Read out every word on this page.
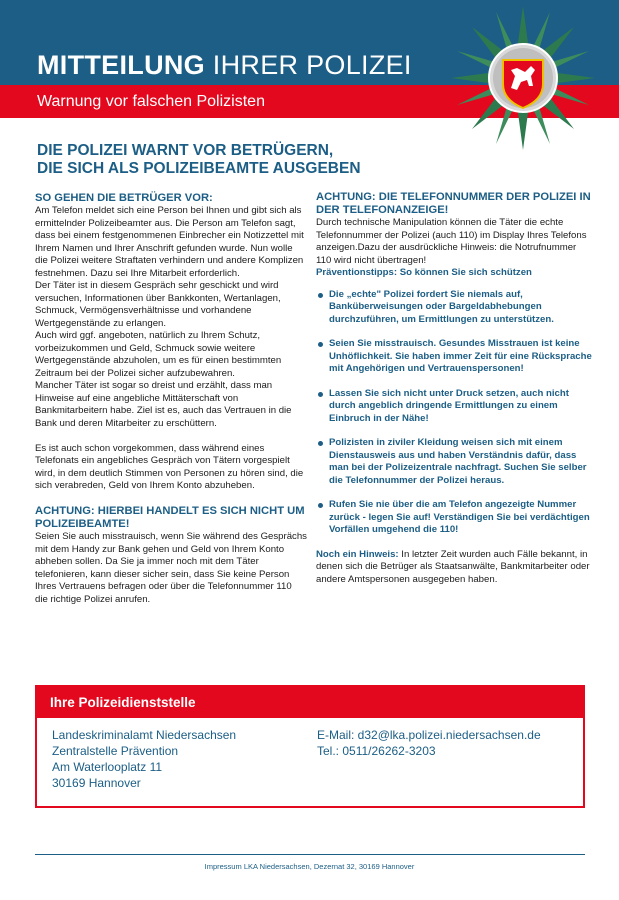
MITTEILUNG IHRER POLIZEI
Warnung vor falschen Polizisten
DIE POLIZEI WARNT VOR BETRÜGERN,
DIE SICH ALS POLIZEIBEAMTE AUSGEBEN
SO GEHEN DIE BETRÜGER VOR:
Am Telefon meldet sich eine Person bei Ihnen und gibt sich als ermittelnder Polizeibeamter aus. Die Person am Telefon sagt, dass bei einem festgenommenen Einbrecher ein Notizzettel mit Ihrem Namen und Ihrer Anschrift gefunden wurde. Nun wolle die Polizei weitere Straftaten verhindern und andere Komplizen festnehmen. Dazu sei Ihre Mitarbeit erforderlich.
Der Täter ist in diesem Gespräch sehr geschickt und wird versuchen, Informationen über Bankkonten, Wertanlagen, Schmuck, Vermögensverhältnisse und vorhandene Wertgegenstände zu erlangen.
Auch wird ggf. angeboten, natürlich zu Ihrem Schutz, vorbeizukommen und Geld, Schmuck sowie weitere Wertgegenstände abzuholen, um es für einen bestimmten Zeitraum bei der Polizei sicher aufzubewahren.
Mancher Täter ist sogar so dreist und erzählt, dass man Hinweise auf eine angebliche Mittäterschaft von Bankmitarbeitern habe. Ziel ist es, auch das Vertrauen in die Bank und deren Mitarbeiter zu erschüttern.
Es ist auch schon vorgekommen, dass während eines Telefonats ein angebliches Gespräch von Tätern vorgespielt wird, in dem deutlich Stimmen von Personen zu hören sind, die sich verabreden, Geld von Ihrem Konto abzuheben.
ACHTUNG: HIERBEI HANDELT ES SICH NICHT UM POLIZEIBEAMTE!
Seien Sie auch misstrauisch, wenn Sie während des Gesprächs mit dem Handy zur Bank gehen und Geld von Ihrem Konto abheben sollen. Da Sie ja immer noch mit dem Täter telefonieren, kann dieser sicher sein, dass Sie keine Person Ihres Vertrauens befragen oder über die Telefonnummer 110 die richtige Polizei anrufen.
ACHTUNG: DIE TELEFONNUMMER DER POLIZEI IN DER TELEFONANZEIGE!
Durch technische Manipulation können die Täter die echte Telefonnummer der Polizei (auch 110) im Display Ihres Telefons anzeigen.Dazu der ausdrückliche Hinweis: die Notrufnummer 110 wird nicht übertragen!
Präventionstipps: So können Sie sich schützen
Die „echte" Polizei fordert Sie niemals auf, Banküberweisungen oder Bargeldabhebungen durchzuführen, um Ermittlungen zu unterstützen.
Seien Sie misstrauisch. Gesundes Misstrauen ist keine Unhöflichkeit. Sie haben immer Zeit für eine Rücksprache mit Angehörigen und Vertrauenspersonen!
Lassen Sie sich nicht unter Druck setzen, auch nicht durch angeblich dringende Ermittlungen zu einem Einbruch in der Nähe!
Polizisten in ziviler Kleidung weisen sich mit einem Dienstausweis aus und haben Verständnis dafür, dass man bei der Polizeizentrale nachfragt. Suchen Sie selber die Telefonnummer der Polizei heraus.
Rufen Sie nie über die am Telefon angezeigte Nummer zurück - legen Sie auf! Verständigen Sie bei verdächtigen Vorfällen umgehend die 110!
Noch ein Hinweis: In letzter Zeit wurden auch Fälle bekannt, in denen sich die Betrüger als Staatsanwälte, Bankmitarbeiter oder andere Amtspersonen ausgegeben haben.
Ihre Polizeidienststelle
Landeskriminalamt Niedersachsen
Zentralstelle Prävention
Am Waterlooplatz 11
30169 Hannover
E-Mail: d32@lka.polizei.niedersachsen.de
Tel.: 0511/26262-3203
Impressum LKA Niedersachsen, Dezernat 32, 30169 Hannover
